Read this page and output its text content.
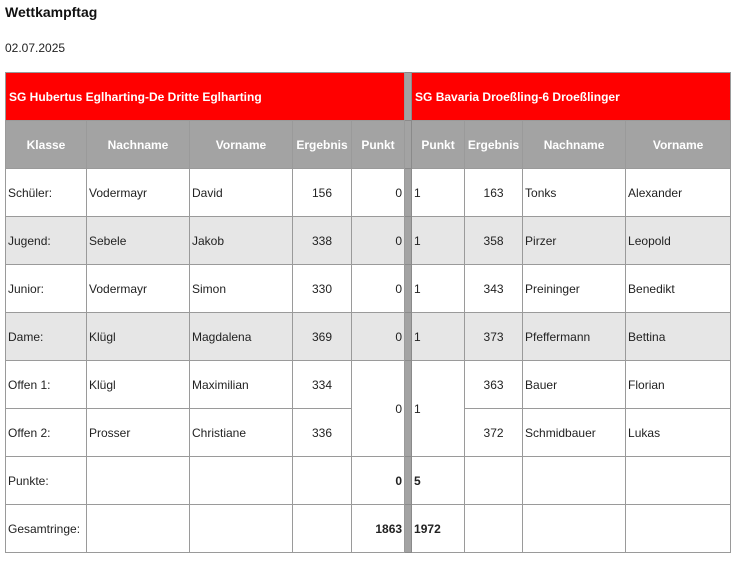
Wettkampftag
02.07.2025
SG Hubertus Eglharting-De Dritte Eglharting						SG Bavaria Droeßling-6 Droeßlinger			
Klasse	Nachname	Vorname	Ergebnis	Punkt		Punkt	Ergebnis	Nachname	Vorname
Schüler:	Vodermayr	David	156	0		1	163	Tonks	Alexander
Jugend:	Sebele	Jakob	338	0		1	358	Pirzer	Leopold
Junior:	Vodermayr	Simon	330	0		1	343	Preininger	Benedikt
Dame:	Klügl	Magdalena	369	0		1	373	Pfeffermann	Bettina
Offen 1:	Klügl	Maximilian	334	0		1	363	Bauer	Florian
Offen 2:	Prosser	Christiane	336				372	Schmidbauer	Lukas
Punkte:				0		5			
Gesamtringe:				1863		1972			
